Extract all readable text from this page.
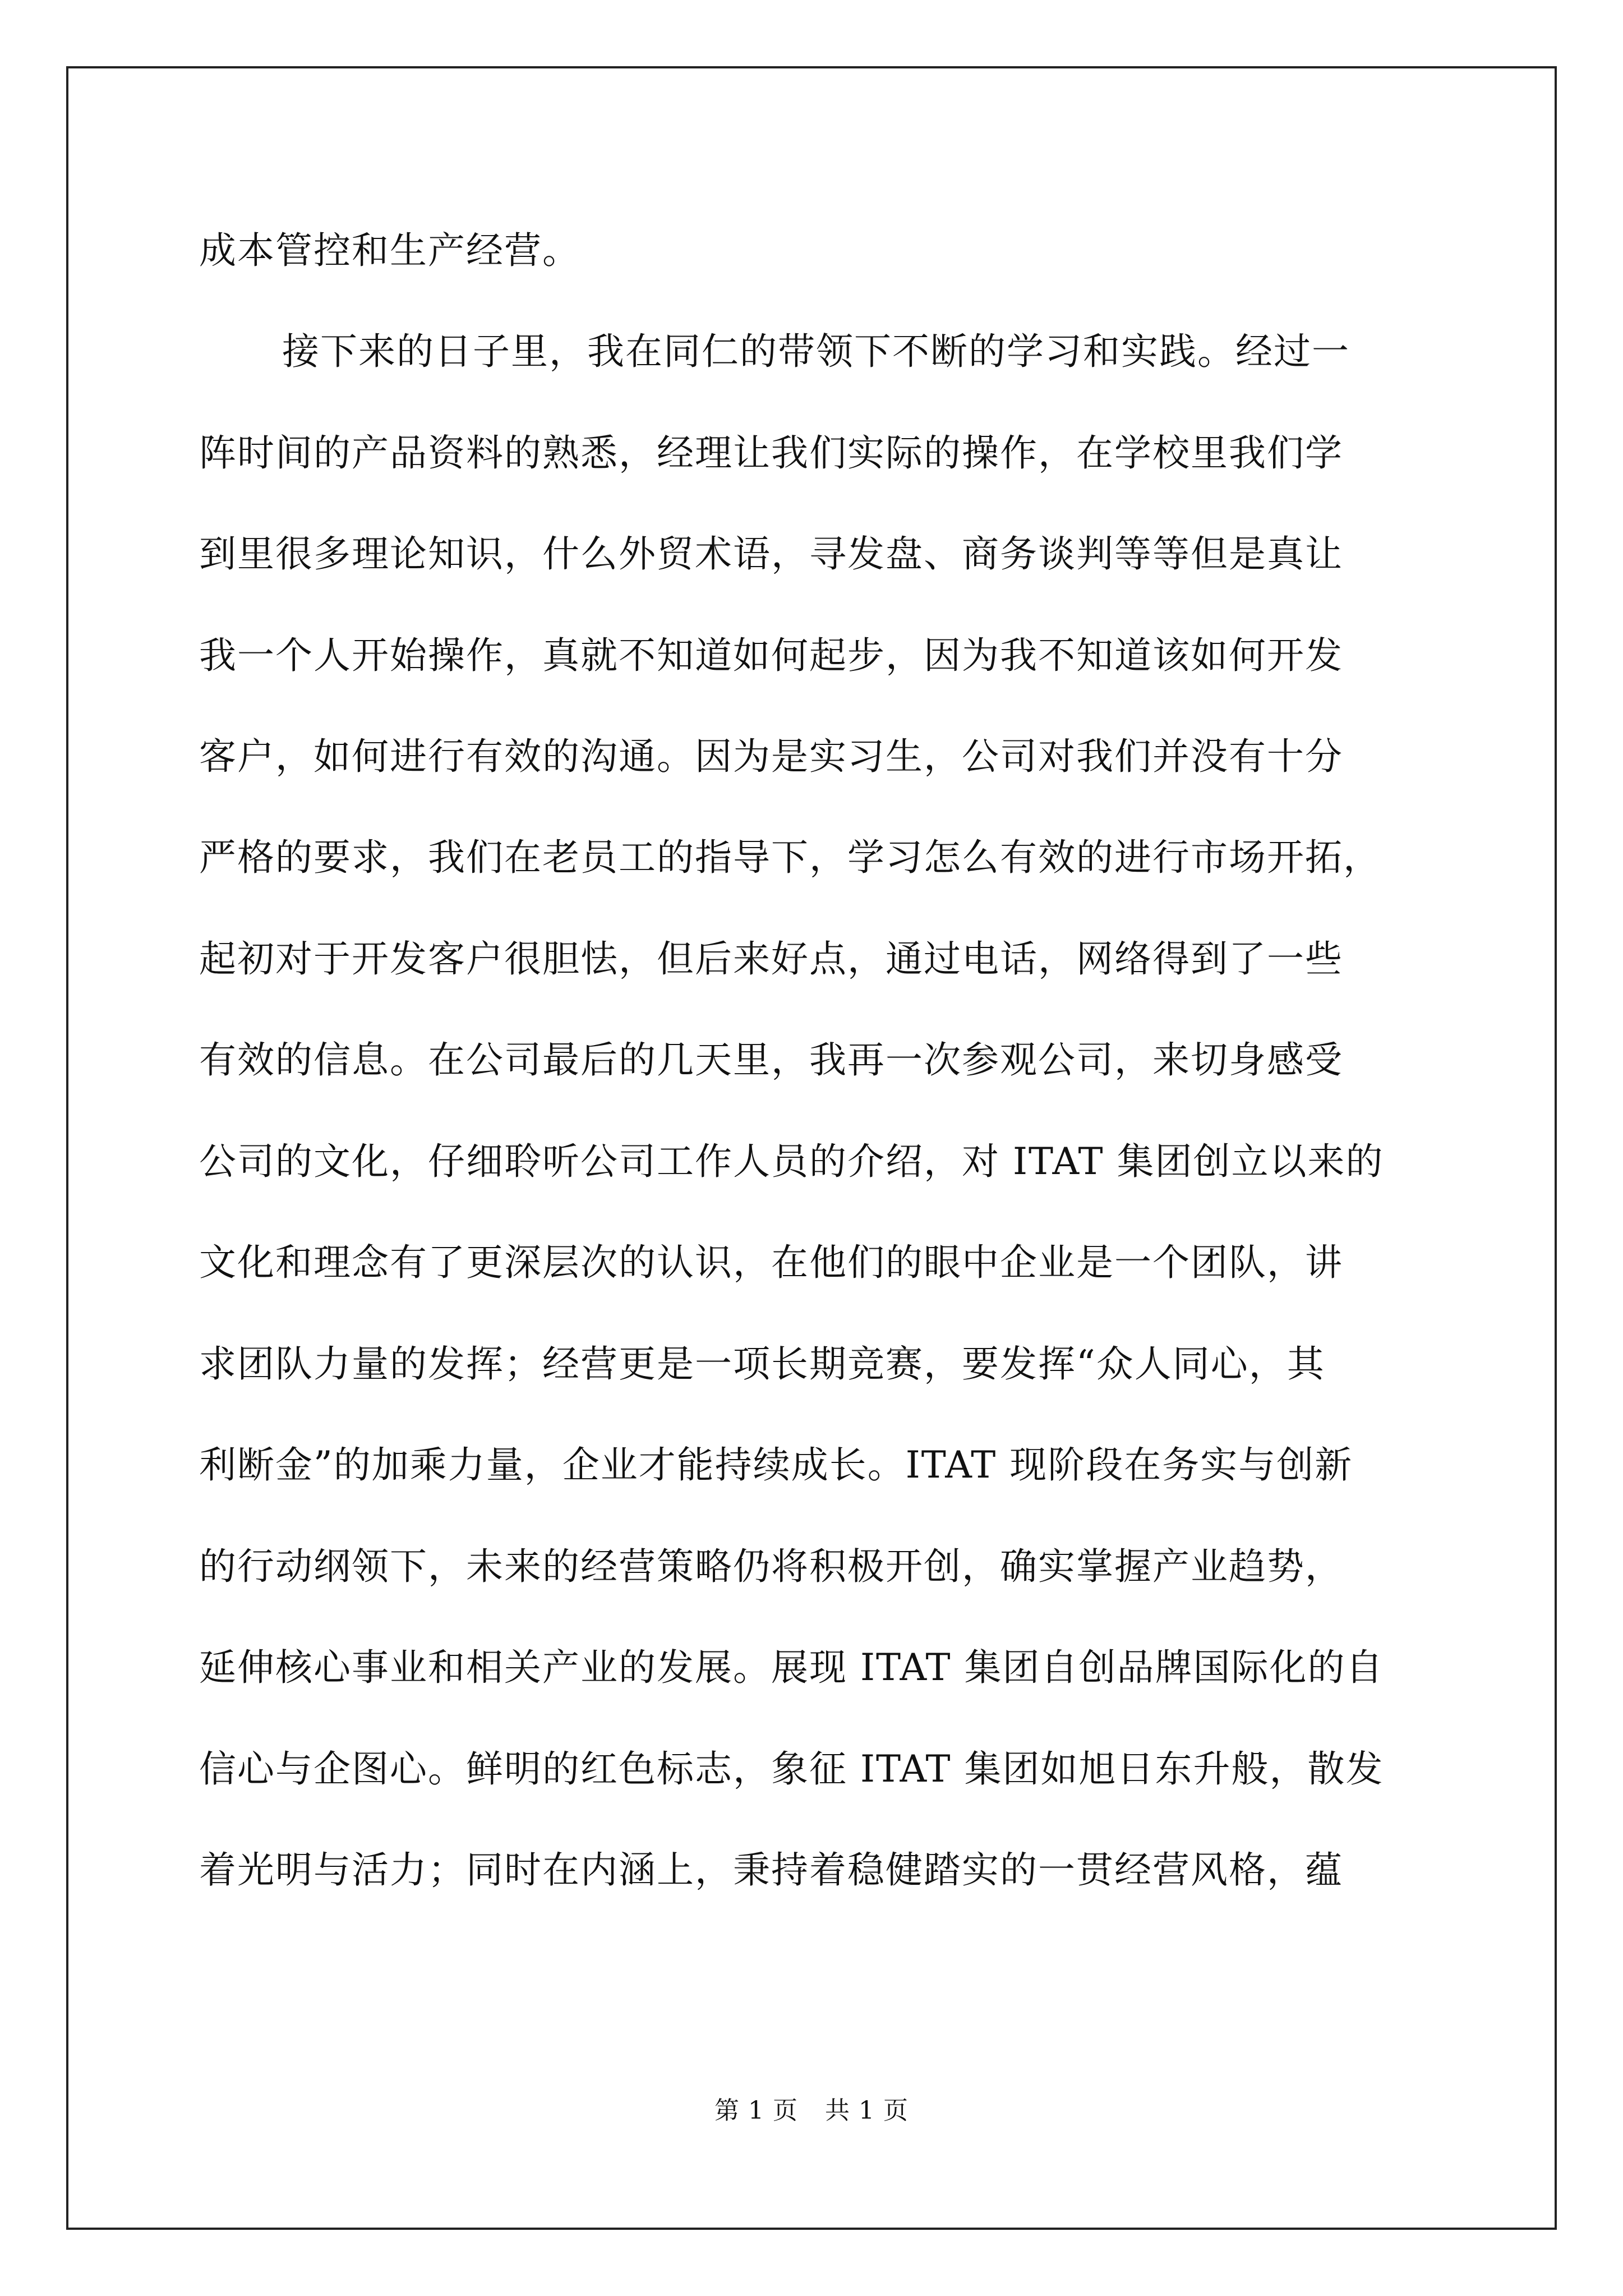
成本管控和生产经营。
接下来的日子里，我在同仁的带领下不断的学习和实践。经过一
阵时间的产品资料的熟悉，经理让我们实际的操作，在学校里我们学
到里很多理论知识，什么外贸术语，寻发盘、商务谈判等等但是真让
我一个人开始操作，真就不知道如何起步，因为我不知道该如何开发
客户，如何进行有效的沟通。因为是实习生，公司对我们并没有十分
严格的要求，我们在老员工的指导下，学习怎么有效的进行市场开拓，
起初对于开发客户很胆怯，但后来好点，通过电话，网络得到了一些
有效的信息。在公司最后的几天里，我再一次参观公司，来切身感受
公司的文化，仔细聆听公司工作人员的介绍，对 ITAT 集团创立以来的
文化和理念有了更深层次的认识，在他们的眼中企业是一个团队，讲
求团队力量的发挥；经营更是一项长期竞赛，要发挥“众人同心，其
利断金”的加乘力量，企业才能持续成长。ITAT 现阶段在务实与创新
的行动纲领下，未来的经营策略仍将积极开创，确实掌握产业趋势，
延伸核心事业和相关产业的发展。展现 ITAT 集团自创品牌国际化的自
信心与企图心。鲜明的红色标志，象征 ITAT 集团如旭日东升般，散发
着光明与活力；同时在内涵上，秉持着稳健踏实的一贯经营风格，蕴
第 1 页 共 1 页
